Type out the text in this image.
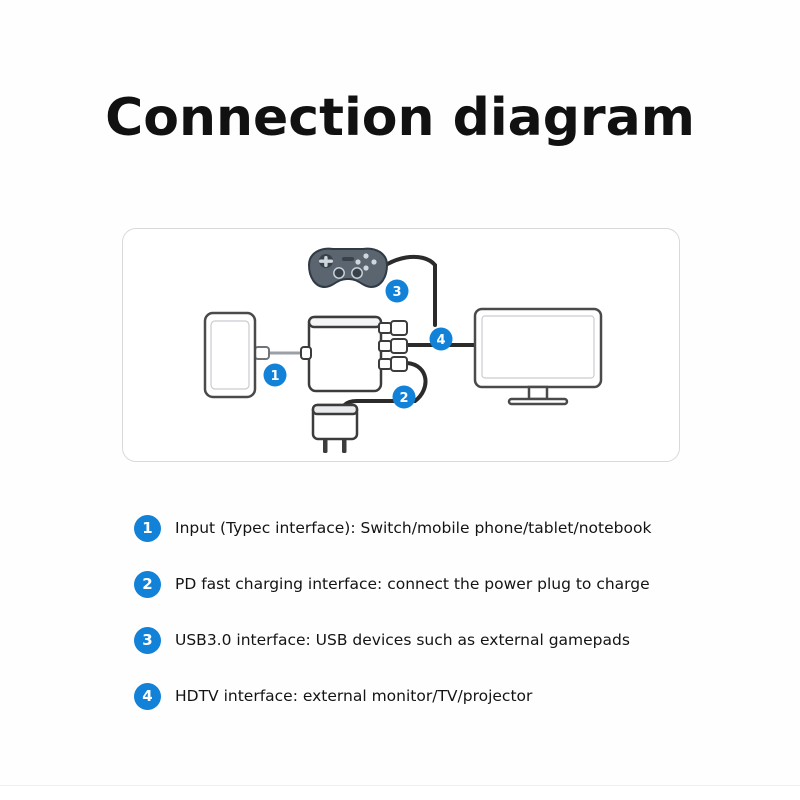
Connection diagram
1
2
3
4
1	Input (Typec interface): Switch/mobile phone/tablet/notebook
2	PD fast charging interface: connect the power plug to charge
3	USB3.0 interface: USB devices such as external gamepads
4	HDTV interface: external monitor/TV/projector
